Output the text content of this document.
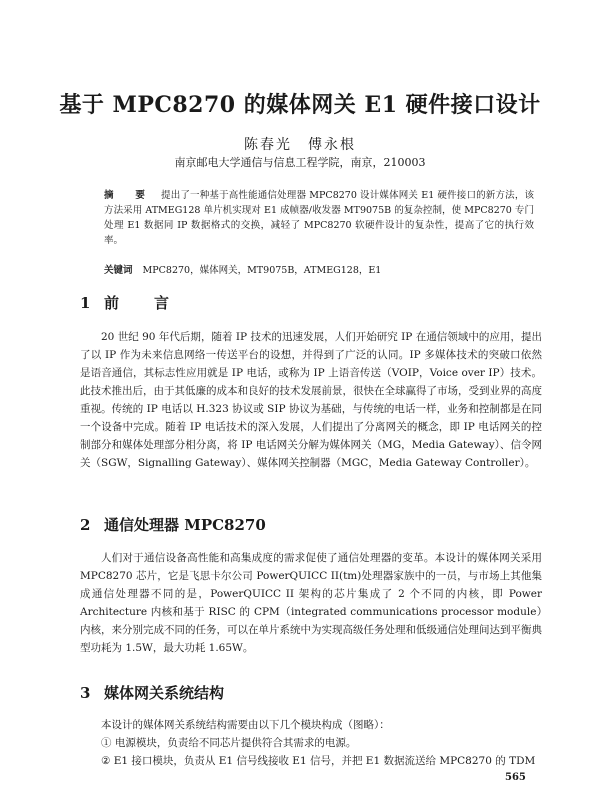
基于 MPC8270 的媒体网关 E1 硬件接口设计
陈春光　傅永根
南京邮电大学通信与信息工程学院，南京，210003
摘　要 提出了一种基于高性能通信处理器 MPC8270 设计媒体网关 E1 硬件接口的新方法，该方法采用 ATMEG128 单片机实现对 E1 成帧器/收发器 MT9075B 的复杂控制，使 MPC8270 专门处理 E1 数据同 IP 数据格式的交换，减轻了 MPC8270 软硬件设计的复杂性，提高了它的执行效率。
关键词 MPC8270，媒体网关，MT9075B，ATMEG128，E1
1 前　言
20 世纪 90 年代后期，随着 IP 技术的迅速发展，人们开始研究 IP 在通信领域中的应用，提出了以 IP 作为未来信息网络一传送平台的设想，并得到了广泛的认同。IP 多媒体技术的突破口依然是语音通信，其标志性应用就是 IP 电话，或称为 IP 上语音传送（VOIP，Voice over IP）技术。此技术推出后，由于其低廉的成本和良好的技术发展前景，很快在全球赢得了市场，受到业界的高度重视。传统的 IP 电话以 H.323 协议或 SIP 协议为基础，与传统的电话一样，业务和控制都是在同一个设备中完成。随着 IP 电话技术的深入发展，人们提出了分离网关的概念，即 IP 电话网关的控制部分和媒体处理部分相分离，将 IP 电话网关分解为媒体网关（MG，Media Gateway）、信令网关（SGW，Signalling Gateway）、媒体网关控制器（MGC，Media Gateway Controller）。
2 通信处理器 MPC8270
人们对于通信设备高性能和高集成度的需求促使了通信处理器的变革。本设计的媒体网关采用 MPC8270 芯片，它是飞思卡尔公司 PowerQUICC II(tm)处理器家族中的一员，与市场上其他集成通信处理器不同的是，PowerQUICC II 架构的芯片集成了 2 个不同的内核，即 Power Architecture 内核和基于 RISC 的 CPM（integrated communications processor module）内核，来分别完成不同的任务，可以在单片系统中为实现高级任务处理和低级通信处理间达到平衡典型功耗为 1.5W，最大功耗 1.65W。
3 媒体网关系统结构
本设计的媒体网关系统结构需要由以下几个模块构成（图略）：
① 电源模块，负责给不同芯片提供符合其需求的电源。
② E1 接口模块，负责从 E1 信号线接收 E1 信号，并把 E1 数据流送给 MPC8270 的 TDM
565
